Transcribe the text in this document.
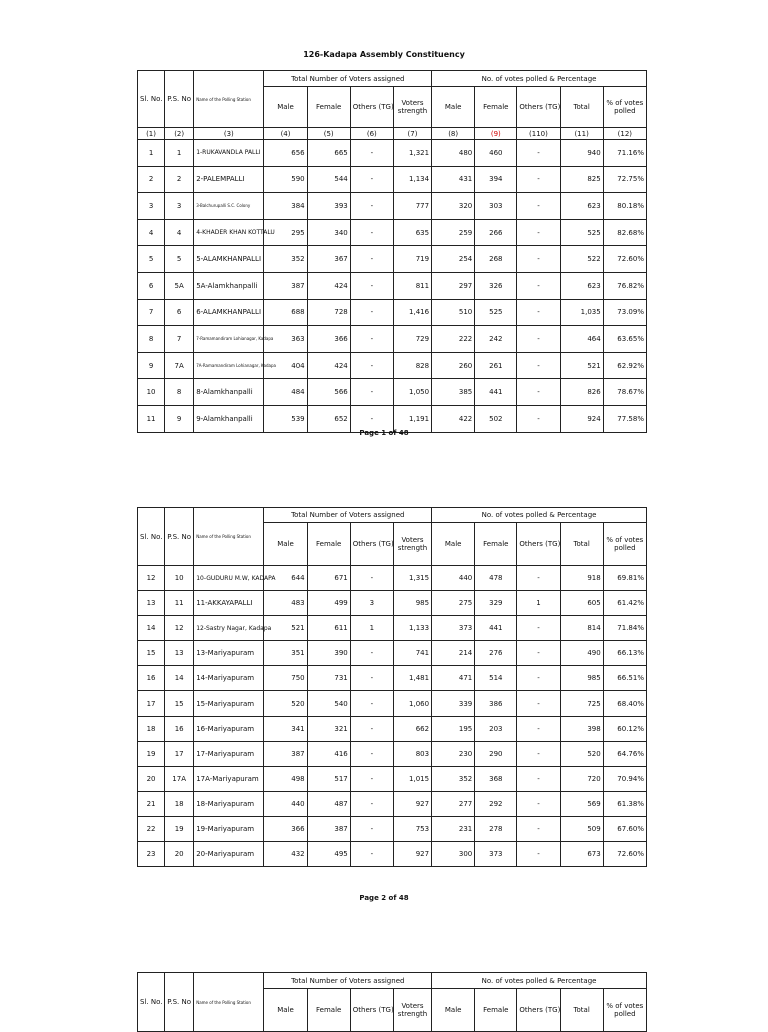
126-Kadapa Assembly Constituency
Sl. No.	P.S. No	Name of the Polling Station	Total Number of Voters assigned				No. of votes polled & Percentage				
			Male	Female	Others (TG)	Voters strength	Male	Female	Others (TG)	Total	% of votes polled
(1)	(2)	(3)	(4)	(5)	(6)	(7)	(8)	(9)	(110)	(11)	(12)
1	1	1-RUKAVANDLA PALLI	656	665	-	1,321	480	460	-	940	71.16%
2	2	2-PALEMPALLI	590	544	-	1,134	431	394	-	825	72.75%
3	3	3-Balchurupalli S.C. Colony	384	393	-	777	320	303	-	623	80.18%
4	4	4-KHADER KHAN KOTTALU	295	340	-	635	259	266	-	525	82.68%
5	5	5-ALAMKHANPALLI	352	367	-	719	254	268	-	522	72.60%
6	5A	5A-Alamkhanpalli	387	424	-	811	297	326	-	623	76.82%
7	6	6-ALAMKHANPALLI	688	728	-	1,416	510	525	-	1,035	73.09%
8	7	7-Ramamandiram Lohianagar, Kadapa	363	366	-	729	222	242	-	464	63.65%
9	7A	7A-Ramamandiram Lohianagar, Kadapa	404	424	-	828	260	261	-	521	62.92%
10	8	8-Alamkhanpalli	484	566	-	1,050	385	441	-	826	78.67%
11	9	9-Alamkhanpalli	539	652	-	1,191	422	502	-	924	77.58%
Page 1 of 48
Sl. No.	P.S. No	Name of the Polling Station	Total Number of Voters assigned				No. of votes polled & Percentage				
			Male	Female	Others (TG)	Voters strength	Male	Female	Others (TG)	Total	% of votes polled
12	10	10-GUDURU M.W, KADAPA	644	671	-	1,315	440	478	-	918	69.81%
13	11	11-AKKAYAPALLI	483	499	3	985	275	329	1	605	61.42%
14	12	12-Sastry Nagar, Kadapa	521	611	1	1,133	373	441	-	814	71.84%
15	13	13-Mariyapuram	351	390	-	741	214	276	-	490	66.13%
16	14	14-Mariyapuram	750	731	-	1,481	471	514	-	985	66.51%
17	15	15-Mariyapuram	520	540	-	1,060	339	386	-	725	68.40%
18	16	16-Mariyapuram	341	321	-	662	195	203	-	398	60.12%
19	17	17-Mariyapuram	387	416	-	803	230	290	-	520	64.76%
20	17A	17A-Mariyapuram	498	517	-	1,015	352	368	-	720	70.94%
21	18	18-Mariyapuram	440	487	-	927	277	292	-	569	61.38%
22	19	19-Mariyapuram	366	387	-	753	231	278	-	509	67.60%
23	20	20-Mariyapuram	432	495	-	927	300	373	-	673	72.60%
Page 2 of 48
Sl. No.	P.S. No	Name of the Polling Station	Total Number of Voters assigned				No. of votes polled & Percentage				
			Male	Female	Others (TG)	Voters strength	Male	Female	Others (TG)	Total	% of votes polled
